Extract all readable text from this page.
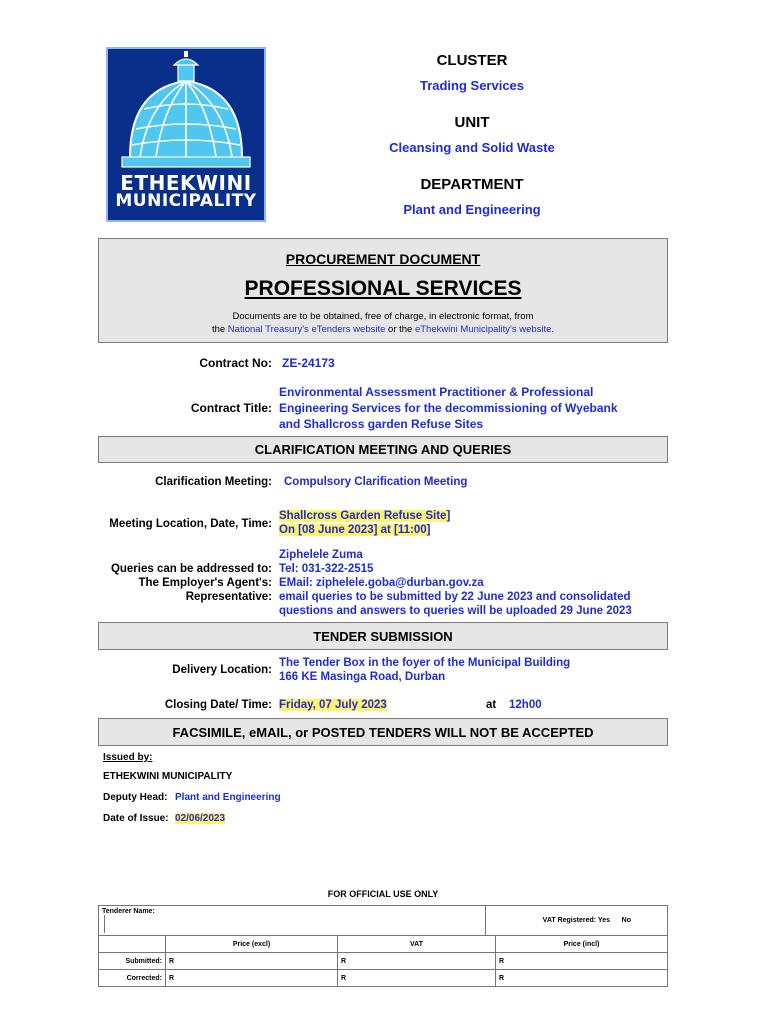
ETHEKWINI
MUNICIPALITY
CLUSTER
Trading Services
UNIT
Cleansing and Solid Waste
DEPARTMENT
Plant and Engineering
PROCUREMENT DOCUMENT
PROFESSIONAL SERVICES
Documents are to be obtained, free of charge, in electronic format, from
the National Treasury's eTenders website or the eThekwini Municipality's website.
Contract No: ZE-24173
Contract Title:
Environmental Assessment Practitioner & Professional
Engineering Services for the decommissioning of Wyebank
and Shallcross garden Refuse Sites
CLARIFICATION MEETING AND QUERIES
Clarification Meeting: Compulsory Clarification Meeting
Meeting Location, Date, Time:
Shallcross Garden Refuse Site]
On [08 June 2023] at [11:00]
Queries can be addressed to:
The Employer's Agent's:
Representative:
Ziphelele Zuma
Tel: 031-322-2515
EMail: ziphelele.goba@durban.gov.za
email queries to be submitted by 22 June 2023 and consolidated
questions and answers to queries will be uploaded 29 June 2023
TENDER SUBMISSION
Delivery Location:
The Tender Box in the foyer of the Municipal Building
166 KE Masinga Road, Durban
Closing Date/ Time: Friday, 07 July 2023	at 12h00
FACSIMILE, eMAIL, or POSTED TENDERS WILL NOT BE ACCEPTED
Issued by:
ETHEKWINI MUNICIPALITY
Deputy Head: Plant and Engineering
Date of Issue: 02/06/2023
FOR OFFICIAL USE ONLY
Tenderer Name:			VAT Registered: Yes No	
	Price (excl)	VAT		Price (incl)
Submitted:	R	R		R
Corrected:	R	R		R
